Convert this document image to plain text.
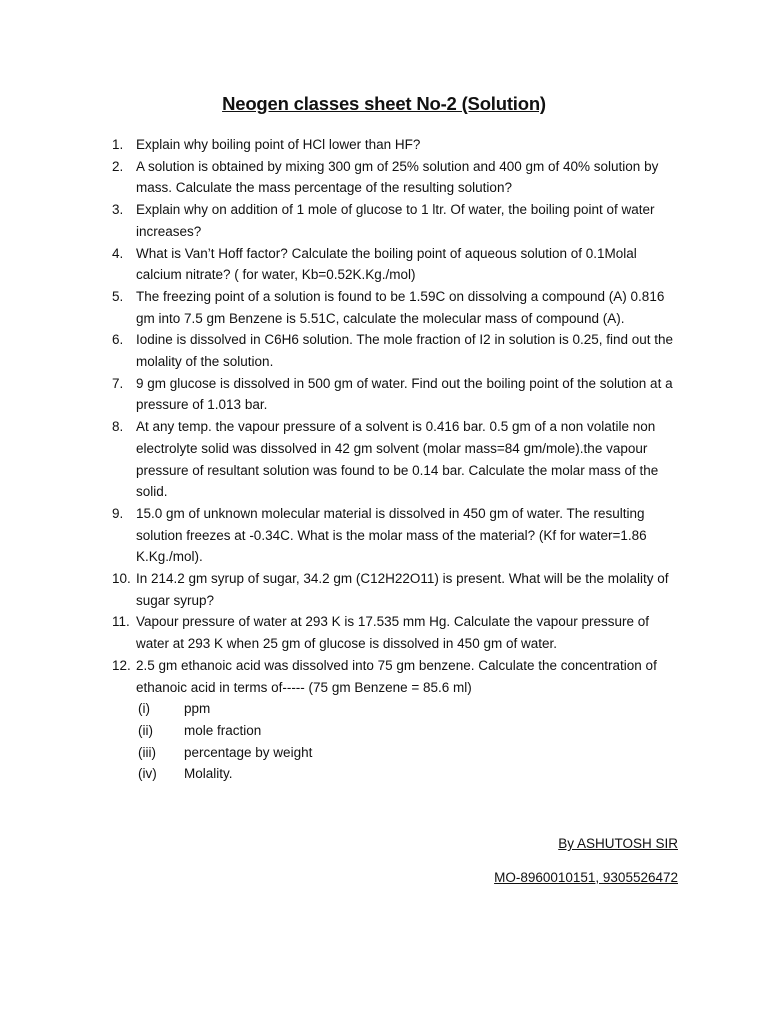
Neogen classes sheet No-2 (Solution)
1. Explain why boiling point of HCl lower than HF?
2. A solution is obtained by mixing 300 gm of 25% solution and 400 gm of 40% solution by mass. Calculate the mass percentage of the resulting solution?
3. Explain why on addition of 1 mole of glucose to 1 ltr. Of water, the boiling point of water increases?
4. What is Van’t Hoff factor? Calculate the boiling point of aqueous solution of 0.1Molal calcium nitrate? ( for water, Kb=0.52K.Kg./mol)
5. The freezing point of a solution is found to be 1.59C on dissolving a compound (A) 0.816 gm into 7.5 gm Benzene is 5.51C, calculate the molecular mass of compound (A).
6. Iodine is dissolved in C6H6 solution. The mole fraction of I2 in solution is 0.25, find out the molality of the solution.
7. 9 gm glucose is dissolved in 500 gm of water. Find out the boiling point of the solution at a pressure of 1.013 bar.
8. At any temp. the vapour pressure of a solvent is 0.416 bar. 0.5 gm of a non volatile non electrolyte solid was dissolved in 42 gm solvent (molar mass=84 gm/mole).the vapour pressure of resultant solution was found to be 0.14 bar. Calculate the molar mass of the solid.
9. 15.0 gm of unknown molecular material is dissolved in 450 gm of water. The resulting solution freezes at -0.34C. What is the molar mass of the material? (Kf for water=1.86 K.Kg./mol).
10. In 214.2 gm syrup of sugar, 34.2 gm (C12H22O11) is present. What will be the molality of sugar syrup?
11. Vapour pressure of water at 293 K is 17.535 mm Hg. Calculate the vapour pressure of water at 293 K when 25 gm of glucose is dissolved in 450 gm of water.
12. 2.5 gm ethanoic acid was dissolved into 75 gm benzene. Calculate the concentration of ethanoic acid in terms of----- (75 gm Benzene = 85.6 ml)
(i)	ppm
(ii) mole fraction
(iii) percentage by weight
(iv) Molality.
By ASHUTOSH SIR
MO-8960010151, 9305526472
